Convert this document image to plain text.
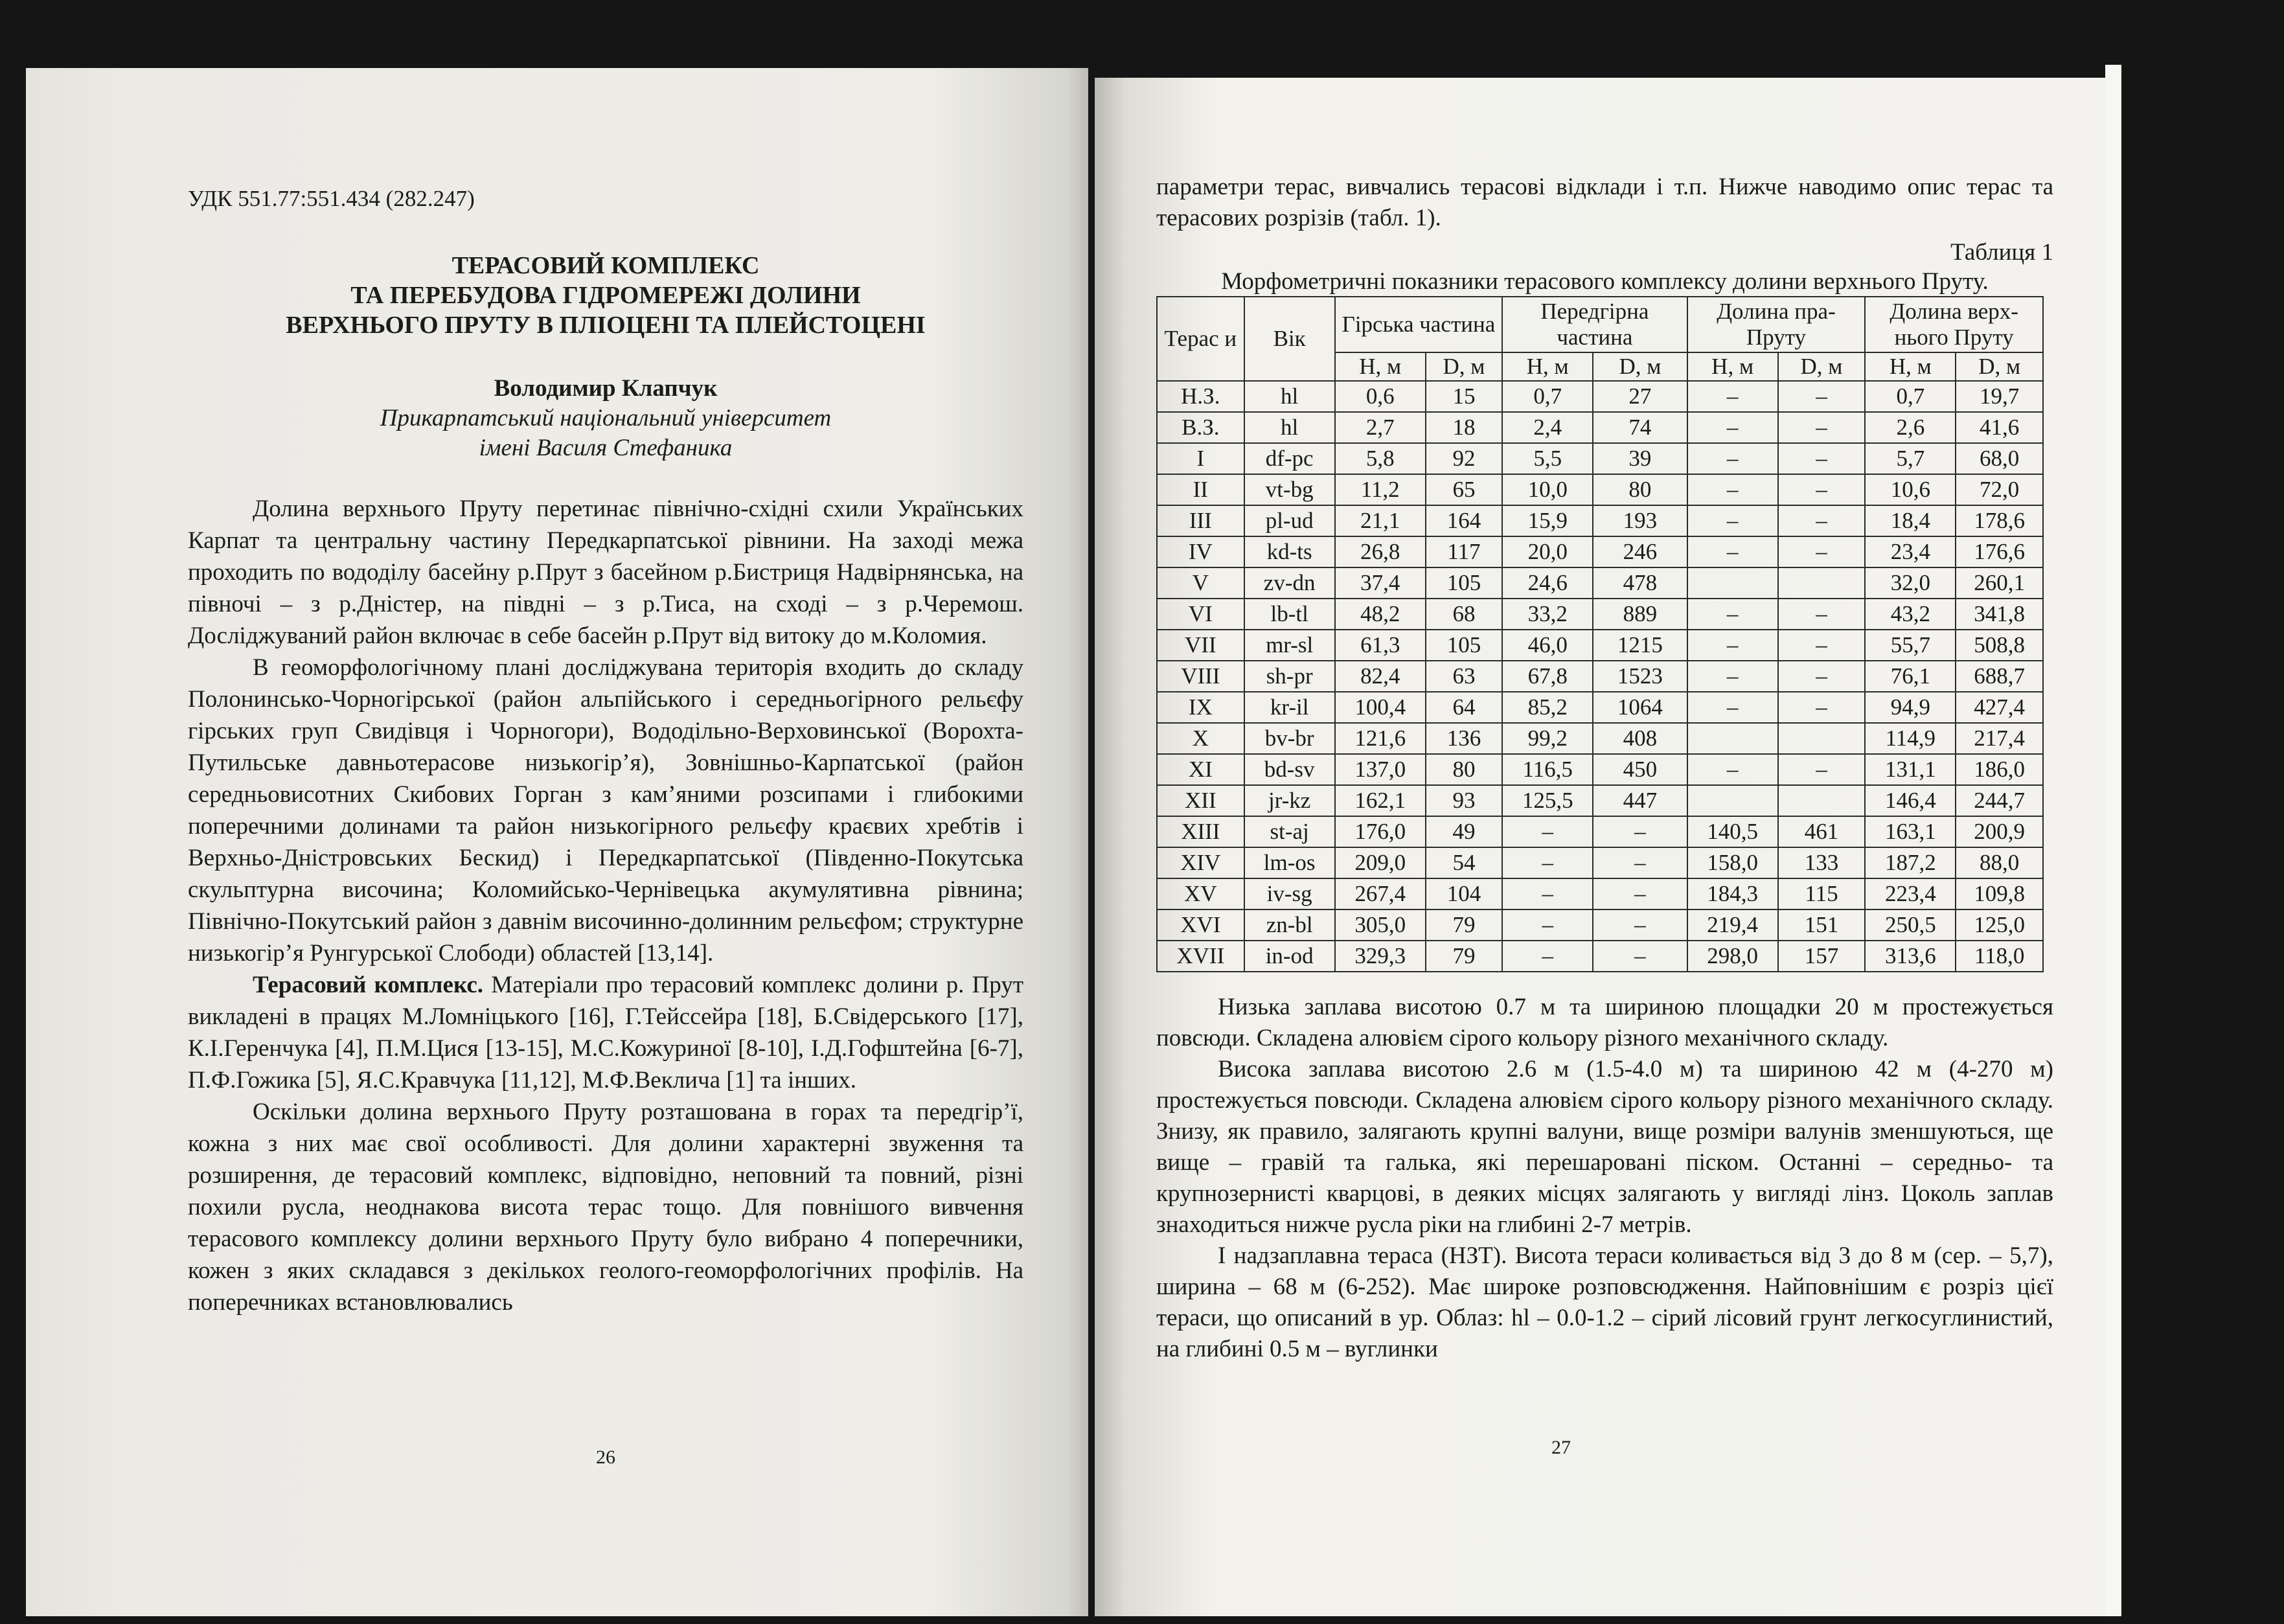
УДК 551.77:551.434 (282.247)
ТЕРАСОВИЙ КОМПЛЕКС
ТА ПЕРЕБУДОВА ГІДРОМЕРЕЖІ ДОЛИНИ
ВЕРХНЬОГО ПРУТУ В ПЛІОЦЕНІ ТА ПЛЕЙСТОЦЕНІ
Володимир Клапчук
Прикарпатський національний університет
імені Василя Стефаника

Долина верхнього Пруту перетинає північно-східні схили Українських Карпат та центральну частину Передкарпатської рівнини. На заході межа проходить по вододілу басейну р.Прут з басейном р.Бистриця Надвірнянська, на півночі – з р.Дністер, на півдні – з р.Тиса, на сході – з р.Черемош. Досліджуваний район включає в себе басейн р.Прут від витоку до м.Коломия.

В геоморфологічному плані досліджувана територія входить до складу Полонинсько-Чорногірської (район альпійського і середньогірного рельєфу гірських груп Свидівця і Чорногори), Вододільно-Верховинської (Ворохта-Путильське давньотерасове низькогір’я), Зовнішньо-Карпатської (район середньовисотних Скибових Горган з кам’яними розсипами і глибокими поперечними долинами та район низькогірного рельєфу краєвих хребтів і Верхньо-Дністровських Бескид) і Передкарпатської (Південно-Покутська скульптурна височина; Коломийсько-Чернівецька акумулятивна рівнина; Північно-Покутський район з давнім височинно-долинним рельєфом; структурне низькогір’я Рунгурської Слободи) областей [13,14].

Терасовий комплекс. Матеріали про терасовий комплекс долини р. Прут викладені в працях М.Ломніцького [16], Г.Тейссейра [18], Б.Свідерського [17], К.І.Геренчука [4], П.М.Цися [13-15], М.С.Кожуриної [8-10], І.Д.Гофштейна [6-7], П.Ф.Гожика [5], Я.С.Кравчука [11,12], М.Ф.Веклича [1] та інших.

Оскільки долина верхнього Пруту розташована в горах та передгір’ї, кожна з них має свої особливості. Для долини характерні звуження та розширення, де терасовий комплекс, відповідно, неповний та повний, різні похили русла, неоднакова висота терас тощо. Для повнішого вивчення терасового комплексу долини верхнього Пруту було вибрано 4 поперечники, кожен з яких складався з декількох геолого-геоморфологічних профілів. На поперечниках встановлювались

26

параметри терас, вивчались терасові відклади і т.п. Нижче наводимо опис терас та терасових розрізів (табл. 1).

Таблиця 1
Морфометричні показники терасового комплексу долини верхнього Пруту.
Терас и	Вік	Гірська частина		Передгірна частина		Долина пра-Пруту		Долина верх-нього Пруту	
		Н, м	D, м	Н, м	D, м	Н, м	D, м	Н, м	D, м
Н.З.	hl	0,6	15	0,7	27	–	–	0,7	19,7
В.З.	hl	2,7	18	2,4	74	–	–	2,6	41,6
I	df-pc	5,8	92	5,5	39	–	–	5,7	68,0
II	vt-bg	11,2	65	10,0	80	–	–	10,6	72,0
III	pl-ud	21,1	164	15,9	193	–	–	18,4	178,6
IV	kd-ts	26,8	117	20,0	246	–	–	23,4	176,6
V	zv-dn	37,4	105	24,6	478			32,0	260,1
VI	lb-tl	48,2	68	33,2	889	–	–	43,2	341,8
VII	mr-sl	61,3	105	46,0	1215	–	–	55,7	508,8
VIII	sh-pr	82,4	63	67,8	1523	–	–	76,1	688,7
IX	kr-il	100,4	64	85,2	1064	–	–	94,9	427,4
X	bv-br	121,6	136	99,2	408			114,9	217,4
XI	bd-sv	137,0	80	116,5	450	–	–	131,1	186,0
XII	jr-kz	162,1	93	125,5	447			146,4	244,7
XIII	st-aj	176,0	49	–	–	140,5	461	163,1	200,9
XIV	lm-os	209,0	54	–	–	158,0	133	187,2	88,0
XV	iv-sg	267,4	104	–	–	184,3	115	223,4	109,8
XVI	zn-bl	305,0	79	–	–	219,4	151	250,5	125,0
XVII	in-od	329,3	79	–	–	298,0	157	313,6	118,0

Низька заплава висотою 0.7 м та шириною площадки 20 м простежується повсюди. Складена алювієм сірого кольору різного механічного складу.

Висока заплава висотою 2.6 м (1.5-4.0 м) та шириною 42 м (4-270 м) простежується повсюди. Складена алювієм сірого кольору різного механічного складу. Знизу, як правило, залягають крупні валуни, вище розміри валунів зменшуються, ще вище – гравій та галька, які перешаровані піском. Останні – середньо- та крупнозернисті кварцові, в деяких місцях залягають у вигляді лінз. Цоколь заплав знаходиться нижче русла ріки на глибині 2-7 метрів.

І надзаплавна тераса (НЗТ). Висота тераси коливається від 3 до 8 м (сер. – 5,7), ширина – 68 м (6-252). Має широке розповсюдження. Найповнішим є розріз цієї тераси, що описаний в ур. Облаз: hl – 0.0-1.2 – сірий лісовий грунт легкосуглинистий, на глибині 0.5 м – вуглинки

27
